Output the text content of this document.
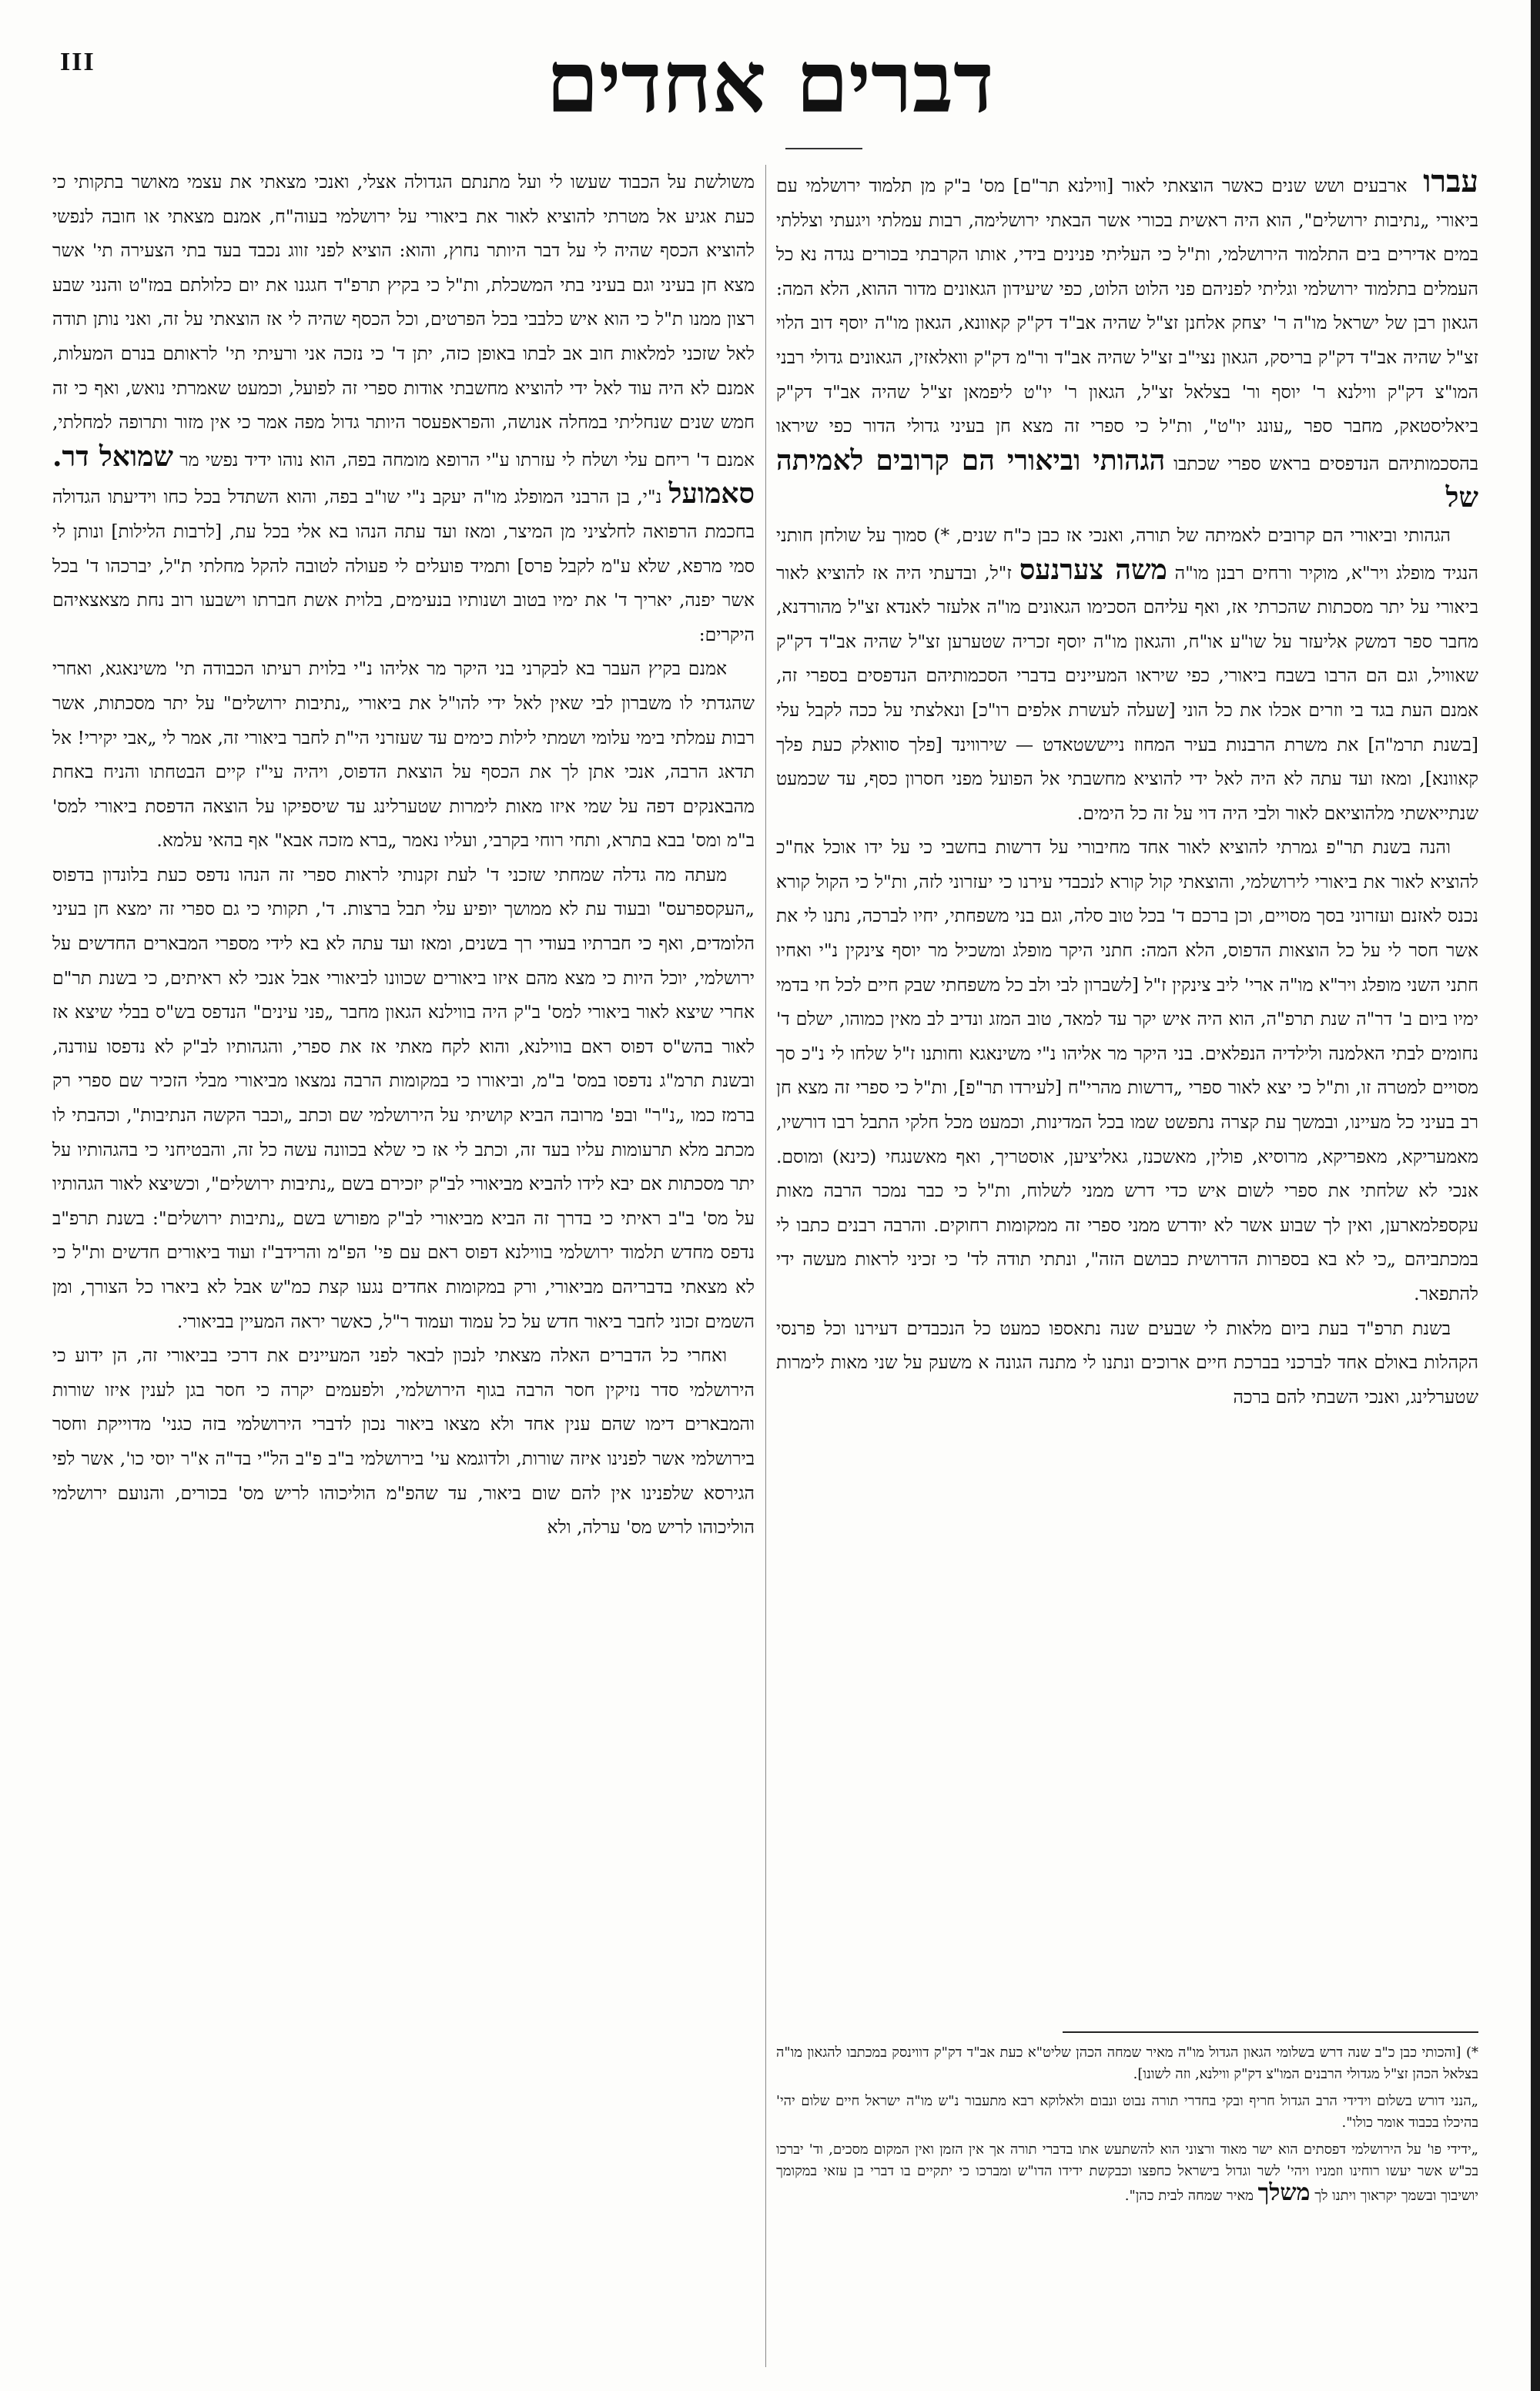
III	דברים אחדים

עברו ארבעים ושש שנים כאשר הוצאתי לאור [ווילנא תר"ם] מס' ב"ק מן תלמוד ירושלמי עם ביאורי „נתיבות ירושלים", הוא היה ראשית בכורי אשר הבאתי ירושלימה, רבות עמלתי ויגעתי וצללתי במים אדירים בים התלמוד הירושלמי, ות"ל כי העליתי פנינים בידי, אותו הקרבתי בכורים נגדה נא כל העמלים בתלמוד ירושלמי וגליתי לפניהם פני הלוט הלוט, כפי שיעידון הגאונים מדור ההוא, הלא המה: הגאון רבן של ישראל מו"ה ר' יצחק אלחנן זצ"ל שהיה אב"ד דק"ק קאוונא, הגאון מו"ה יוסף דוב הלוי זצ"ל שהיה אב"ד דק"ק בריסק, הגאון נצי"ב זצ"ל שהיה אב"ד ור"מ דק"ק וואלאזין, הגאונים גדולי רבני המו"צ דק"ק ווילנא ר' יוסף ור' בצלאל זצ"ל, הגאון ר' יו"ט ליפמאן זצ"ל שהיה אב"ד דק"ק ביאליסטאק, מחבר ספר „עונג יו"ט", ות"ל כי ספרי זה מצא חן בעיני גדולי הדור כפי שיראו בהסכמותיהם הנדפסים בראש ספרי שכתבו הגהותי וביאורי הם קרובים לאמיתה של

הגהותי וביאורי הם קרובים לאמיתה של תורה, ואנכי אז כבן כ"ח שנים, *) סמוך על שולחן חותני הנגיד מופלג ויר"א, מוקיר ורחים רבנן מו"ה משה צערנעס ז"ל, ובדעתי היה אז להוציא לאור ביאורי על יתר מסכתות שהכרתי אז, ואף עליהם הסכימו הגאונים מו"ה אלעזר לאנדא זצ"ל מהורדנא, מחבר ספר דמשק אליעזר על שו"ע או"ח, והגאון מו"ה יוסף זכריה שטערען זצ"ל שהיה אב"ד דק"ק שאוויל, וגם הם הרבו בשבח ביאורי, כפי שיראו המעיינים בדברי הסכמותיהם הנדפסים בספרי זה, אמנם העת בגד בי וזרים אכלו את כל הוני [שעלה לעשרת אלפים רו"כ] ונאלצתי על ככה לקבל עלי [בשנת תרמ"ה] את משרת הרבנות בעיר המחוז נייששטאדט — שירווינד [פלך סוואלק כעת פלך קאוונא], ומאז ועד עתה לא היה לאל ידי להוציא מחשבתי אל הפועל מפני חסרון כסף, עד שכמעט שנתייאשתי מלהוציאם לאור ולבי היה דוי על זה כל הימים.

והנה בשנת תר"פ גמרתי להוציא לאור אחד מחיבורי על דרשות בחשבי כי על ידו אוכל אח"כ להוציא לאור את ביאורי לירושלמי, והוצאתי קול קורא לנכבדי עירנו כי יעזרוני לזה, ות"ל כי הקול קורא נכנס לאזנם ועזרוני בסך מסויים, וכן ברכם ד' בכל טוב סלה, וגם בני משפחתי, יחיו לברכה, נתנו לי את אשר חסר לי על כל הוצאות הדפוס, הלא המה: חתני היקר מופלג ומשכיל מר יוסף צינקין נ"י ואחיו חתני השני מופלג ויר"א מו"ה ארי' ליב צינקין ז"ל [לשברון לבי ולב כל משפחתי שבק חיים לכל חי בדמי ימיו ביום ב' דר"ה שנת תרפ"ה, הוא היה איש יקר עד למאד, טוב המזג ונדיב לב מאין כמוהו, ישלם ד' נחומים לבתי האלמנה ולילדיה הנפלאים. בני היקר מר אליהו נ"י משינאגא וחותנו ז"ל שלחו לי נ"כ סך מסויים למטרה זו, ות"ל כי יצא לאור ספרי „דרשות מהרי"ח [לעירדו תר"פ], ות"ל כי ספרי זה מצא חן רב בעיני כל מעיינו, ובמשך עת קצרה נתפשט שמו בכל המדינות, וכמעט מכל חלקי התבל רבו דורשיו, מאמעריקא, מאפריקא, מרוסיא, פולין, מאשכנז, גאליציען, אוסטריך, ואף מאשנגחי (כינא) ומוסם. אנכי לא שלחתי את ספרי לשום איש כדי דרש ממני לשלוח, ות"ל כי כבר נמכר הרבה מאות עקספלמארען, ואין לך שבוע אשר לא יודרש ממני ספרי זה ממקומות רחוקים. והרבה רבנים כתבו לי במכתביהם „כי לא בא בספרות הדרושית כבושם הזה", ונתתי תודה לד' כי זכיני לראות מעשה ידי להתפאר.

בשנת תרפ"ד בעת ביום מלאות לי שבעים שנה נתאספו כמעט כל הנכבדים דעירנו וכל פרנסי הקהלות באולם אחד לברכני בברכת חיים ארוכים ונתנו לי מתנה הגונה א משעק על שני מאות לימרות שטערלינג, ואנכי השבתי להם ברכה

משולשת על הכבוד שעשו לי ועל מתנתם הגדולה אצלי, ואנכי מצאתי את עצמי מאושר בתקותי כי כעת אגיע אל מטרתי להוציא לאור את ביאורי על ירושלמי בעוה"ח, אמנם מצאתי או חובה לנפשי להוציא הכסף שהיה לי על דבר היותר נחוץ, והוא: הוציא לפני זווג נכבד בעד בתי הצעירה תי' אשר מצא חן בעיני וגם בעיני בתי המשכלת, ות"ל כי בקיץ תרפ"ד חגגנו את יום כלולתם במז"ט והנני שבע רצון ממנו ת"ל כי הוא איש כלבבי בכל הפרטים, וכל הכסף שהיה לי אז הוצאתי על זה, ואני נותן תודה לאל שזכני למלאות חוב אב לבתו באופן כזה, יתן ד' כי נזכה אני ורעיתי תי' לראותם בנרם המעלות, אמנם לא היה עוד לאל ידי להוציא מחשבתי אודות ספרי זה לפועל, וכמעט שאמרתי נואש, ואף כי זה חמש שנים שנחליתי במחלה אנושה, והפראפעסר היותר גדול מפה אמר כי אין מזור ותרופה למחלתי, אמנם ד' ריחם עלי ושלח לי עזרתו ע"י הרופא מומחה בפה, הוא נוהו ידיד נפשי מר שמואל דר. סאמועל נ"י, בן הרבני המופלג מו"ה יעקב נ"י שו"ב בפה, והוא השתדל בכל כחו וידיעתו הגדולה בחכמת הרפואה לחלציני מן המיצר, ומאז ועד עתה הנהו בא אלי בכל עת, [לרבות הלילות] ונותן לי סמי מרפא, שלא ע"מ לקבל פרס] ותמיד פועלים לי פעולה לטובה להקל מחלתי ת"ל, יברכהו ד' בכל אשר יפנה, יאריך ד' את ימיו בטוב ושנותיו בנעימים, בלוית אשת חברתו וישבעו רוב נחת מצאצאיהם היקרים:

אמנם בקיץ העבר בא לבקרני בני היקר מר אליהו נ"י בלוית רעיתו הכבודה תי' משינאגא, ואחרי שהגדתי לו משברון לבי שאין לאל ידי להו"ל את ביאורי „נתיבות ירושלים" על יתר מסכתות, אשר רבות עמלתי בימי עלומי ושמתי לילות כימים עד שעזרני הי"ת לחבר ביאורי זה, אמר לי „אבי יקירי! אל תדאג הרבה, אנכי אתן לך את הכסף על הוצאת הדפוס, ויהיה עי"ז קיים הבטחתו והניח באחת מהבאנקים דפה על שמי איזו מאות לימרות שטערלינג עד שיספיקו על הוצאה הדפסת ביאורי למס' ב"מ ומס' בבא בתרא, ותחי רוחי בקרבי, ועליו נאמר „ברא מזכה אבא" אף בהאי עלמא.

מעתה מה גדלה שמחתי שזכני ד' לעת זקנותי לראות ספרי זה הנהו נדפס כעת בלונדון בדפוס „העקספרעס" ובעוד עת לא ממושך יופיע עלי תבל ברצות. ד', תקותי כי גם ספרי זה ימצא חן בעיני הלומדים, ואף כי חברתיו בעודי רך בשנים, ומאז ועד עתה לא בא לידי מספרי המבארים החדשים על ירושלמי, יוכל היות כי מצא מהם איזו ביאורים שכוונו לביאורי אבל אנכי לא ראיתים, כי בשנת תר"ם אחרי שיצא לאור ביאורי למס' ב"ק היה בווילנא הגאון מחבר „פני עינים" הנדפס בש"ס בבלי שיצא אז לאור בהש"ס דפוס ראם בווילנא, והוא לקח מאתי אז את ספרי, והגהותיו לב"ק לא נדפסו עודנה, ובשנת תרמ"ג נדפסו במס' ב"מ, וביאורו כי במקומות הרבה נמצאו מביאורי מבלי הזכיר שם ספרי רק ברמז כמו „נ"ר" ובפ' מרובה הביא קושיתי על הירושלמי שם וכתב „וכבר הקשה הנתיבות", וכהבתי לו מכתב מלא תרעומות עליו בעד זה, וכתב לי אז כי שלא בכוונה עשה כל זה, והבטיחני כי בהגהותיו על יתר מסכתות אם יבא לידו להביא מביאורי לב"ק יזכירם בשם „נתיבות ירושלים", וכשיצא לאור הגהותיו על מס' ב"ב ראיתי כי בדרך זה הביא מביאורי לב"ק מפורש בשם „נתיבות ירושלים": בשנת תרפ"ב נדפס מחדש תלמוד ירושלמי בווילנא דפוס ראם עם פי' הפ"מ והרידב"ז ועוד ביאורים חדשים ות"ל כי לא מצאתי בדבריהם מביאורי, ורק במקומות אחדים נגעו קצת כמ"ש אבל לא ביארו כל הצורך, ומן השמים זכוני לחבר ביאור חדש על כל עמוד ועמוד ר"ל, כאשר יראה המעיין בביאורי.

ואחרי כל הדברים האלה מצאתי לנכון לבאר לפני המעיינים את דרכי בביאורי זה, הן ידוע כי הירושלמי סדר נזיקין חסר הרבה בגוף הירושלמי, ולפעמים יקרה כי חסר בגן לענין איזו שורות והמבארים דימו שהם ענין אחד ולא מצאו ביאור נכון לדברי הירושלמי בזה כגני' מדוייקת וחסר בירושלמי אשר לפנינו איזה שורות, ולדוגמא עי' בירושלמי ב"ב פ"ב הל"י בד"ה א"ר יוסי כו', אשר לפי הגירסא שלפנינו אין להם שום ביאור, עד שהפ"מ הוליכוהו לריש מס' בכורים, והנועם ירושלמי הוליכוהו לריש מס' ערלה, ולא

*) [והכותי כבן כ"ב שנה דרש בשלומי הגאון הגדול מו"ה מאיר שמחה הכהן שליט"א כעת אב"ד דק"ק דווינסק במכתבו להגאון מו"ה בצלאל הכהן זצ"ל מגדולי הרבנים המו"צ דק"ק ווילנא, וזה לשונו].

„הנני דורש בשלום וידידי הרב הגדול חריף ובקי בחדרי תורה נבוט ונבום ולאלוקא רבא מתעבור נ"ש מו"ה ישראל חיים שלום יהי' בהיכלו בכבוד אומר כולו".

„ידידי פו' על הירושלמי דפסתים הוא ישר מאוד ורצוני הוא להשתעש אתו בדברי תורה אך אין הזמן ואין המקום מסכים, וד' יברכו בכ"ש אשר יעשו רוחינו וזמניו ויהי' לשר וגדול בישראל כחפצו וכבקשת ידידו הדו"ש ומברכו כי יתקיים בו דברי בן עזאי במקומך יושיבוך ובשמך יקראוך ויתנו לך משלך מאיר שמחה לבית כהן".
